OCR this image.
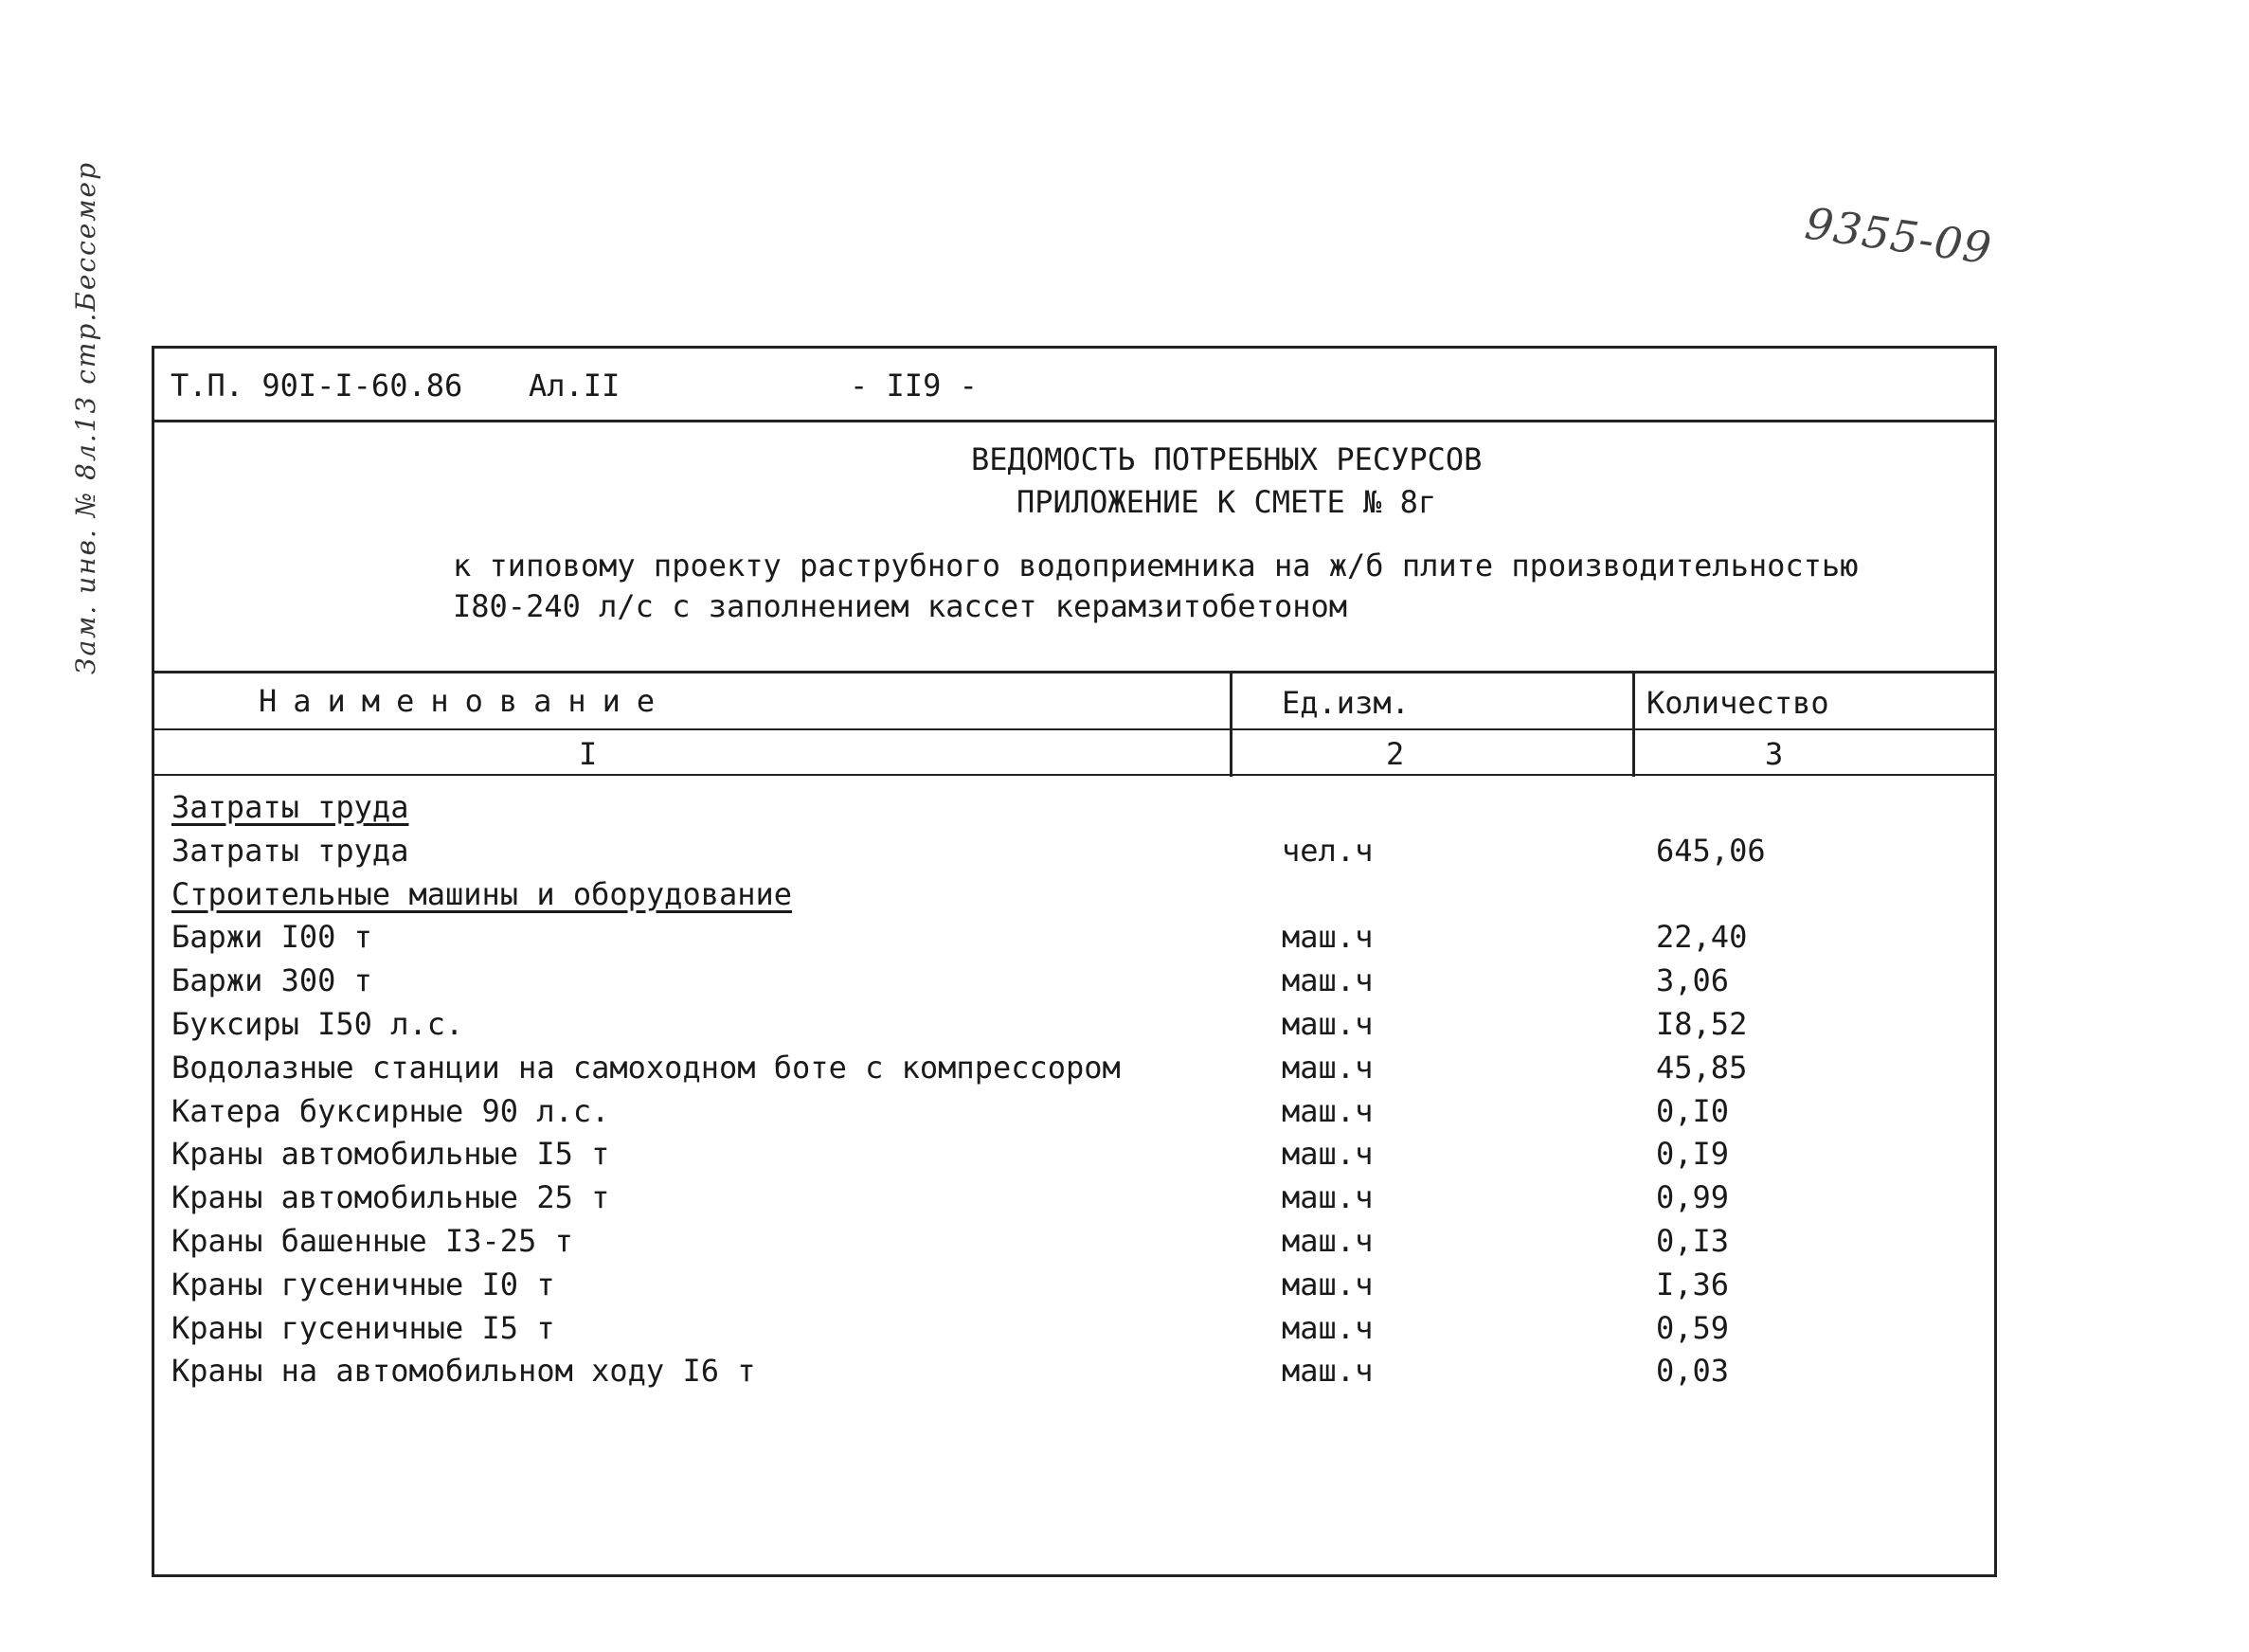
9355-09
Зам. инв. № 8л.13 стр.Бессемер Т.П. 90I-I-60.86 Ал.II	- II9 -
ВЕДОМОСТЬ ПОТРЕБНЫХ РЕСУРСОВ
ПРИЛОЖЕНИЕ К СМЕТЕ № 8г
к типовому проекту раструбного водоприемника на ж/б плите производительностью
I80-240 л/с с заполнением кассет керамзитобетоном
Наименование	Ед.изм.	Количество
I	2	3
Затраты труда
Затраты труда	чел.ч	645,06
Строительные машины и оборудование
Баржи I00 т	маш.ч	22,40
Баржи 300 т	маш.ч	3,06
Буксиры I50 л.с.	маш.ч	I8,52
Водолазные станции на самоходном боте с компрессором	маш.ч	45,85
Катера буксирные 90 л.с.	маш.ч	0,I0
Краны автомобильные I5 т	маш.ч	0,I9
Краны автомобильные 25 т	маш.ч	0,99
Краны башенные I3-25 т	маш.ч	0,I3
Краны гусеничные I0 т	маш.ч	I,36
Краны гусеничные I5 т	маш.ч	0,59
Краны на автомобильном ходу I6 т	маш.ч	0,03
